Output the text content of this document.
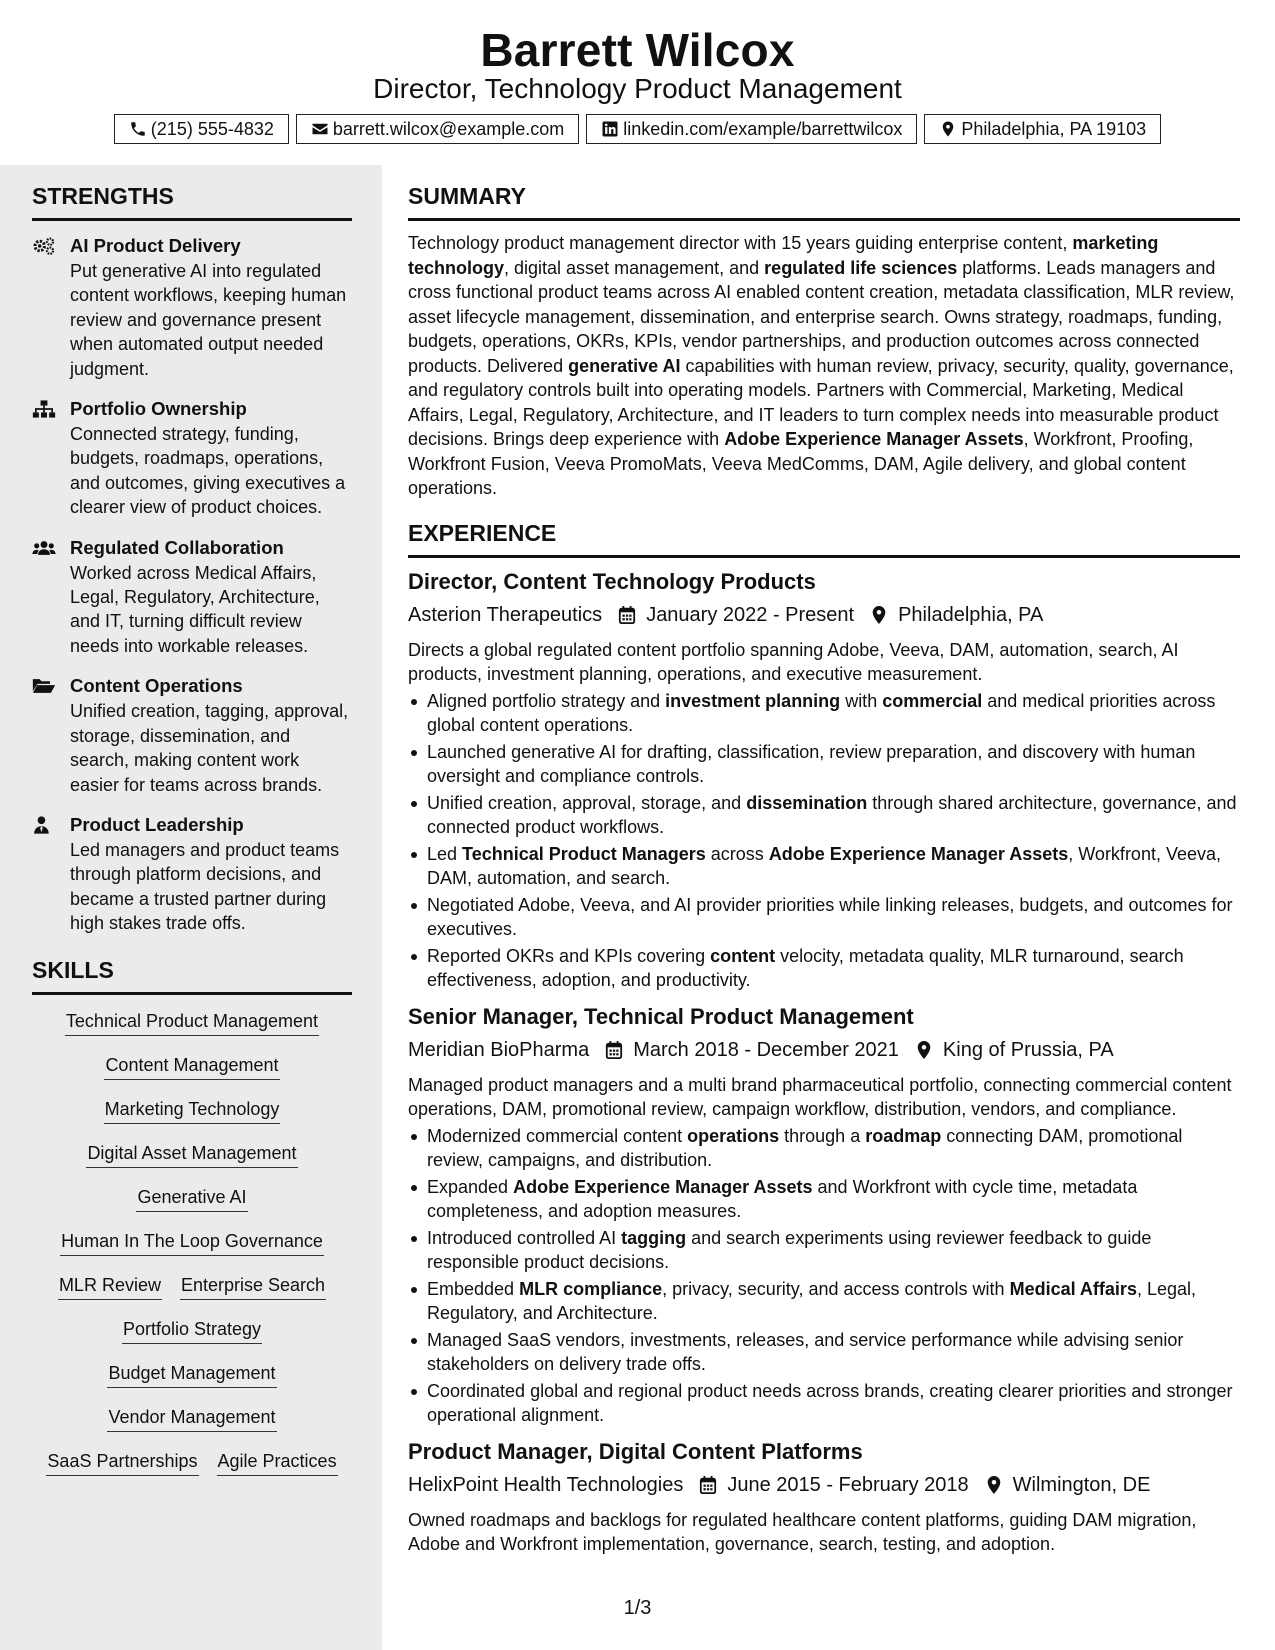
Barrett Wilcox
Director, Technology Product Management
(215) 555-4832	barrett.wilcox@example.com	linkedin.com/example/barrettwilcox	Philadelphia, PA 19103
STRENGTHS
AI Product Delivery
Put generative AI into regulated content workflows, keeping human review and governance present when automated output needed judgment.
Portfolio Ownership
Connected strategy, funding, budgets, roadmaps, operations, and outcomes, giving executives a clearer view of product choices.
Regulated Collaboration
Worked across Medical Affairs, Legal, Regulatory, Architecture, and IT, turning difficult review needs into workable releases.
Content Operations
Unified creation, tagging, approval, storage, dissemination, and search, making content work easier for teams across brands.
Product Leadership
Led managers and product teams through platform decisions, and became a trusted partner during high stakes trade offs.
SKILLS
Technical Product Management
Content Management
Marketing Technology
Digital Asset Management
Generative AI
Human In The Loop Governance
MLR Review Enterprise Search
Portfolio Strategy
Budget Management
Vendor Management
SaaS Partnerships Agile Practices
SUMMARY
Technology product management director with 15 years guiding enterprise content, marketing technology, digital asset management, and regulated life sciences platforms. Leads managers and cross functional product teams across AI enabled content creation, metadata classification, MLR review, asset lifecycle management, dissemination, and enterprise search. Owns strategy, roadmaps, funding, budgets, operations, OKRs, KPIs, vendor partnerships, and production outcomes across connected products. Delivered generative AI capabilities with human review, privacy, security, quality, governance, and regulatory controls built into operating models. Partners with Commercial, Marketing, Medical Affairs, Legal, Regulatory, Architecture, and IT leaders to turn complex needs into measurable product decisions. Brings deep experience with Adobe Experience Manager Assets, Workfront, Proofing, Workfront Fusion, Veeva PromoMats, Veeva MedComms, DAM, Agile delivery, and global content operations.
EXPERIENCE
Director, Content Technology Products
Asterion Therapeutics January 2022 - Present Philadelphia, PA
Directs a global regulated content portfolio spanning Adobe, Veeva, DAM, automation, search, AI products, investment planning, operations, and executive measurement.
Aligned portfolio strategy and investment planning with commercial and medical priorities across global content operations.
Launched generative AI for drafting, classification, review preparation, and discovery with human oversight and compliance controls.
Unified creation, approval, storage, and dissemination through shared architecture, governance, and connected product workflows.
Led Technical Product Managers across Adobe Experience Manager Assets, Workfront, Veeva, DAM, automation, and search.
Negotiated Adobe, Veeva, and AI provider priorities while linking releases, budgets, and outcomes for executives.
Reported OKRs and KPIs covering content velocity, metadata quality, MLR turnaround, search effectiveness, adoption, and productivity.
Senior Manager, Technical Product Management
Meridian BioPharma March 2018 - December 2021 King of Prussia, PA
Managed product managers and a multi brand pharmaceutical portfolio, connecting commercial content operations, DAM, promotional review, campaign workflow, distribution, vendors, and compliance.
Modernized commercial content operations through a roadmap connecting DAM, promotional review, campaigns, and distribution.
Expanded Adobe Experience Manager Assets and Workfront with cycle time, metadata completeness, and adoption measures.
Introduced controlled AI tagging and search experiments using reviewer feedback to guide responsible product decisions.
Embedded MLR compliance, privacy, security, and access controls with Medical Affairs, Legal, Regulatory, and Architecture.
Managed SaaS vendors, investments, releases, and service performance while advising senior stakeholders on delivery trade offs.
Coordinated global and regional product needs across brands, creating clearer priorities and stronger operational alignment.
Product Manager, Digital Content Platforms
HelixPoint Health Technologies June 2015 - February 2018 Wilmington, DE
Owned roadmaps and backlogs for regulated healthcare content platforms, guiding DAM migration, Adobe and Workfront implementation, governance, search, testing, and adoption.
1/3
